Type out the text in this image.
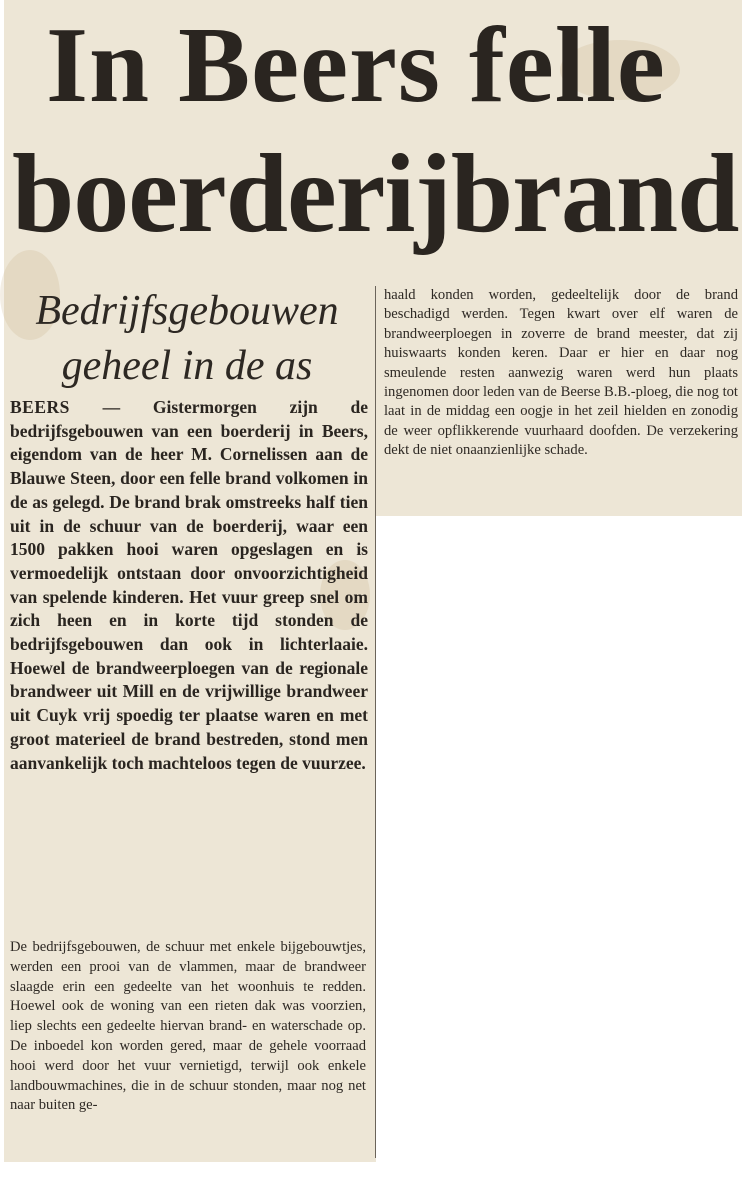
In Beers felle
boerderijbrand
Bedrijfsgebouwen
geheel in de as

BEERS — Gistermorgen zijn de bedrijfsgebouwen van een boerderij in Beers, eigendom van de heer M. Cornelissen aan de Blauwe Steen, door een felle brand volkomen in de as gelegd. De brand brak omstreeks half tien uit in de schuur van de boerderij, waar een 1500 pakken hooi waren opgeslagen en is vermoedelijk ontstaan door onvoorzichtigheid van spelende kinderen. Het vuur greep snel om zich heen en in korte tijd stonden de bedrijfsgebouwen dan ook in lichterlaaie. Hoewel de brandweerploegen van de regionale brandweer uit Mill en de vrijwillige brandweer uit Cuyk vrij spoedig ter plaatse waren en met groot materieel de brand bestreden, stond men aanvankelijk toch machteloos tegen de vuurzee.

De bedrijfsgebouwen, de schuur met enkele bijgebouwtjes, werden een prooi van de vlammen, maar de brandweer slaagde erin een gedeelte van het woonhuis te redden. Hoewel ook de woning van een rieten dak was voorzien, liep slechts een gedeelte hiervan brand- en waterschade op. De inboedel kon worden gered, maar de gehele voorraad hooi werd door het vuur vernietigd, terwijl ook enkele landbouwmachines, die in de schuur stonden, maar nog net naar buiten ge-

haald konden worden, gedeeltelijk door de brand beschadigd werden. Tegen kwart over elf waren de brandweerploegen in zoverre de brand meester, dat zij huiswaarts konden keren. Daar er hier en daar nog smeulende resten aanwezig waren werd hun plaats ingenomen door leden van de Beerse B.B.-ploeg, die nog tot laat in de middag een oogje in het zeil hielden en zonodig de weer opflikkerende vuurhaard doofden. De verzekering dekt de niet onaanzienlijke schade.
